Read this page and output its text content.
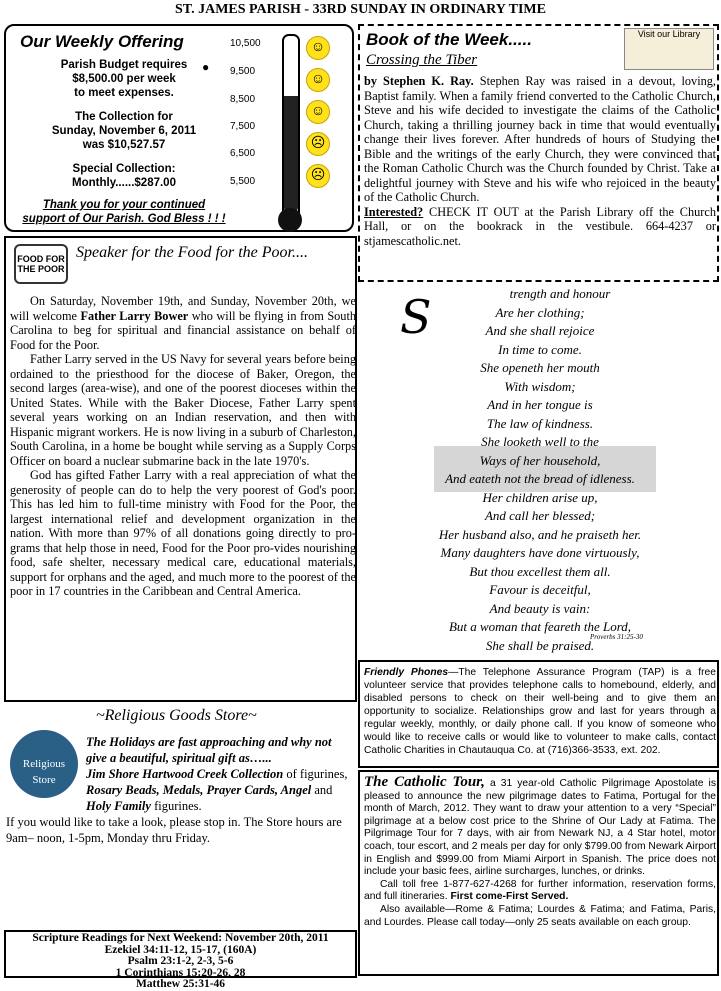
ST. JAMES PARISH - 33RD SUNDAY IN ORDINARY TIME
Our Weekly Offering
Parish Budget requires
$8,500.00 per week
to meet expenses.
The Collection for
Sunday, November 6, 2011
was $10,527.57
Special Collection:
Monthly......$287.00
Thank you for your continued
support of Our Parish. God Bless ! ! !
●
10,500
9,500
8,500
7,500
6,500
5,500
☺
☺
☺
☹
☹
Book of the Week.....
Crossing the Tiber
Visit our Library
by Stephen K. Ray. Stephen Ray was raised in a devout, loving, Baptist family. When a family friend converted to the Catholic Church, Steve and his wife decided to investigate the claims of the Catholic Church, taking a thrilling journey back in time that would eventually change their lives forever. After hundreds of hours of Studying the Bible and the writings of the early Church, they were convinced that the Roman Catholic Church was the Church founded by Christ. Take a delightful journey with Steve and his wife who rejoiced in the beauty of the Catholic Church.
Interested? CHECK IT OUT at the Parish Library off the Church Hall, or on the bookrack in the vestibule. 664-4237 or stjamescatholic.net.
FOOD FOR THE POOR
Speaker for the Food for the Poor....

On Saturday, November 19th, and Sunday, November 20th, we will welcome Father Larry Bower who will be flying in from South Carolina to beg for spiritual and financial assistance on behalf of Food for the Poor.

Father Larry served in the US Navy for several years before being ordained to the priesthood for the diocese of Baker, Oregon, the second larges (area-wise), and one of the poorest dioceses within the United States. While with the Baker Diocese, Father Larry spent several years working on an Indian reservation, and then with Hispanic migrant workers. He is now living in a suburb of Charleston, South Carolina, in a home be bought while serving as a Supply Corps Officer on board a nuclear submarine back in the late 1970's.

God has gifted Father Larry with a real appreciation of what the generosity of people can do to help the very poorest of God's poor. This has led him to full-time ministry with Food for the Poor, the largest international relief and development organization in the nation. With more than 97% of all donations going directly to pro-grams that help those in need, Food for the Poor pro-vides nourishing food, safe shelter, necessary medical care, educational materials, support for orphans and the aged, and much more to the poorest of the poor in 17 countries in the Caribbean and Central America.

S	trength and honour
Are her clothing;
And she shall rejoice
In time to come.
She openeth her mouth
With wisdom;
And in her tongue is
The law of kindness.
She looketh well to the
Ways of her household,
And eateth not the bread of idleness.
Her children arise up,
And call her blessed;
Her husband also, and he praiseth her.
Many daughters have done virtuously,
But thou excellest them all.
Favour is deceitful,
And beauty is vain:
But a woman that feareth the Lord,
She shall be praised.
Proverbs 31:25-30
Friendly Phones—The Telephone Assurance Program (TAP) is a free volunteer service that provides telephone calls to homebound, elderly, and disabled persons to check on their well-being and to give them an opportunity to socialize. Relationships grow and last for years through a regular weekly, monthly, or daily phone call. If you know of someone who would like to receive calls or would like to volunteer to make calls, contact Catholic Charities in Chautauqua Co. at (716)366-3533, ext. 202.

The Catholic Tour, a 31 year-old Catholic Pilgrimage Apostolate is pleased to announce the new pilgrimage dates to Fatima, Portugal for the month of March, 2012. They want to draw your attention to a very “Special” pilgrimage at a below cost price to the Shrine of Our Lady at Fatima. The Pilgrimage Tour for 7 days, with air from Newark NJ, a 4 Star hotel, motor coach, tour escort, and 2 meals per day for only $799.00 from Newark Airport in English and $999.00 from Miami Airport in Spanish. The price does not include your basic fees, airline surcharges, lunches, or drinks.

Call toll free 1-877-627-4268 for further information, reservation forms, and full itineraries. First come-First Served.

Also available—Rome & Fatima; Lourdes & Fatima; and Fatima, Paris, and Lourdes. Please call today—only 25 seats available on each group.

~Religious Goods Store~
Religious Store
The Holidays are fast approaching and why not give a beautiful, spiritual gift as…...
Jim Shore Hartwood Creek Collection of figurines, Rosary Beads, Medals, Prayer Cards, Angel and Holy Family figurines.
If you would like to take a look, please stop in. The Store hours are 9am– noon, 1-5pm, Monday thru Friday.
Scripture Readings for Next Weekend: November 20th, 2011
Ezekiel 34:11-12, 15-17, (160A)
Psalm 23:1-2, 2-3, 5-6
1 Corinthians 15:20-26, 28
Matthew 25:31-46
